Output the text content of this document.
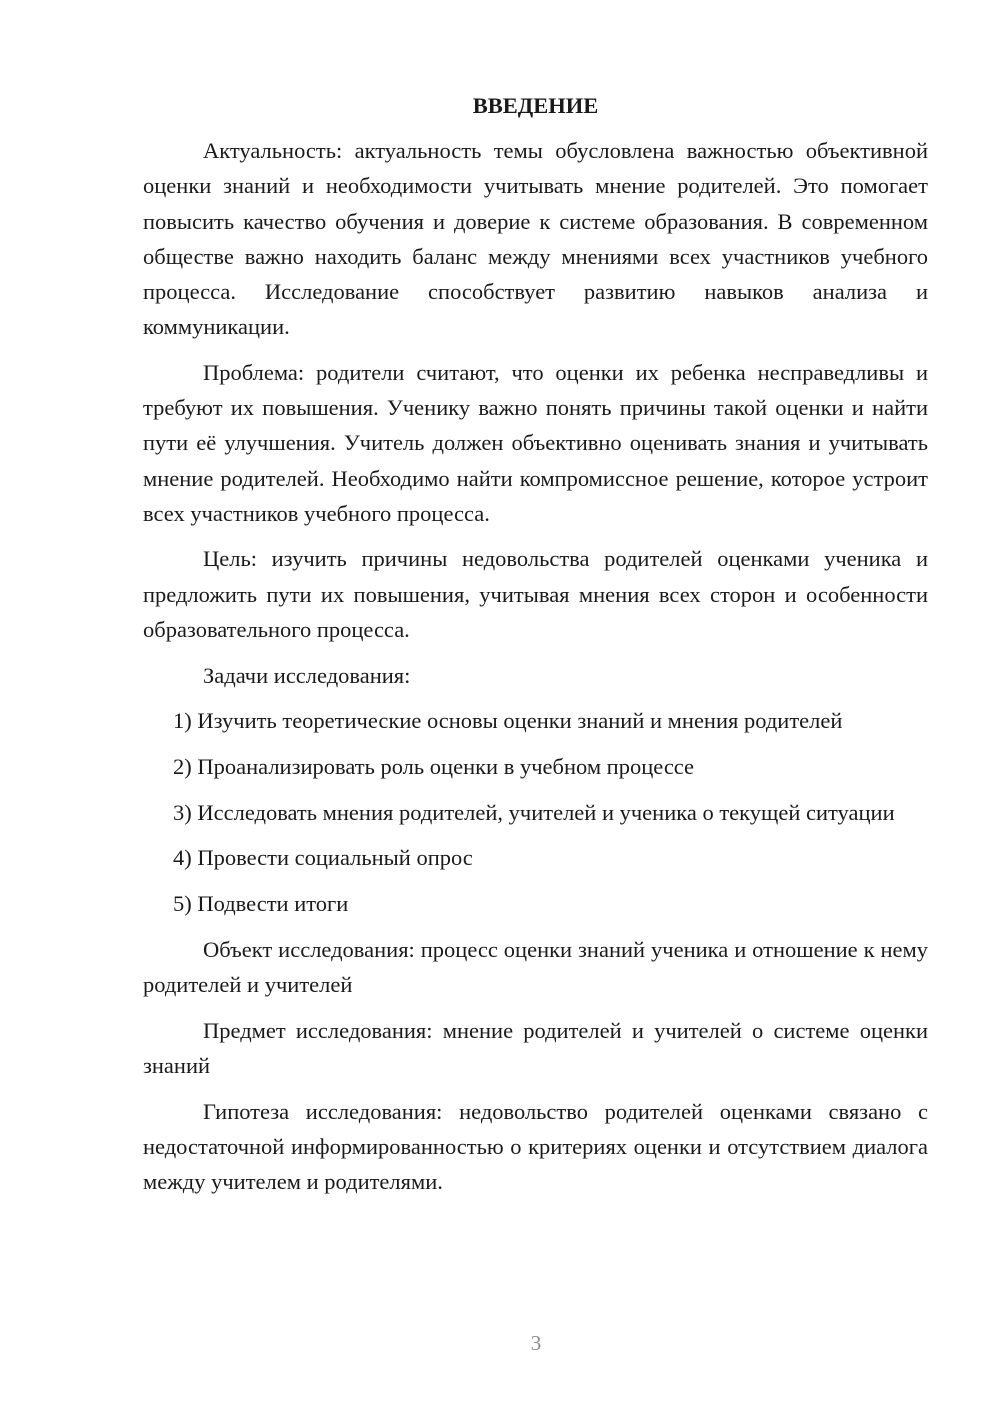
ВВЕДЕНИЕ

Актуальность: актуальность темы обусловлена важностью объективной оценки знаний и необходимости учитывать мнение родителей. Это помогает повысить качество обучения и доверие к системе образования. В современном обществе важно находить баланс между мнениями всех участников учебного процесса. Исследование способствует развитию навыков анализа и коммуникации.

Проблема: родители считают, что оценки их ребенка несправедливы и требуют их повышения. Ученику важно понять причины такой оценки и найти пути её улучшения. Учитель должен объективно оценивать знания и учитывать мнение родителей. Необходимо найти компромиссное решение, которое устроит всех участников учебного процесса.

Цель: изучить причины недовольства родителей оценками ученика и предложить пути их повышения, учитывая мнения всех сторон и особенности образовательного процесса.

Задачи исследования:

1) Изучить теоретические основы оценки знаний и мнения родителей

2) Проанализировать роль оценки в учебном процессе

3) Исследовать мнения родителей, учителей и ученика о текущей ситуации

4) Провести социальный опрос

5) Подвести итоги

Объект исследования: процесс оценки знаний ученика и отношение к нему родителей и учителей

Предмет исследования: мнение родителей и учителей о системе оценки знаний

Гипотеза исследования: недовольство родителей оценками связано с недостаточной информированностью о критериях оценки и отсутствием диалога между учителем и родителями.

3
